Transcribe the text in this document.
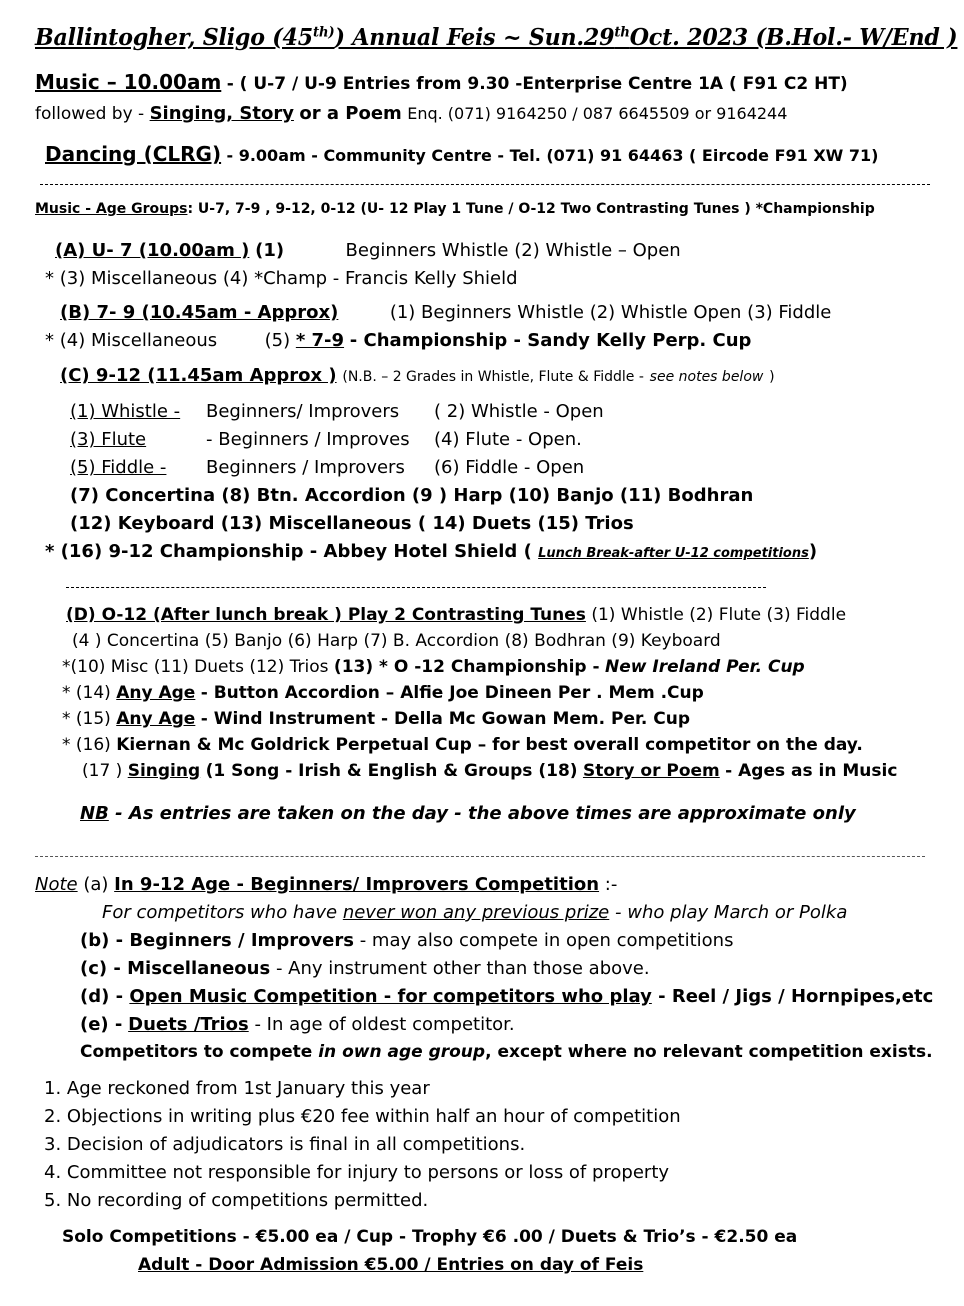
Ballintogher, Sligo $(45^{th)})$ Annual Feis ~ Sun.29thOct. 2023 (B.Hol.- W/End )
Music – 10.00am - ( U-7 / U-9 Entries from 9.30 -Enterprise Centre 1A ( F91 C2 HT)
followed by - Singing, Story or a Poem Enq. (071) 9164250 / 087 6645509 or 9164244
Dancing (CLRG) - 9.00am - Community Centre - Tel. (071) 91 64463 ( Eircode F91 XW 71)
Music - Age Groups: U-7, 7-9 , 9-12, 0-12 (U- 12 Play 1 Tune / O-12 Two Contrasting Tunes ) *Championship
(A) U- 7 (10.00am ) (1)	Beginners Whistle (2) Whistle – Open
* (3) Miscellaneous (4) *Champ - Francis Kelly Shield
(B) 7- 9 (10.45am - Approx)	(1) Beginners Whistle (2) Whistle Open (3) Fiddle
* (4) Miscellaneous	(5) * 7-9 - Championship - Sandy Kelly Perp. Cup
(C) 9-12 (11.45am Approx ) (N.B. – 2 Grades in Whistle, Flute & Fiddle - see notes below )
(1) Whistle - Beginners/ Improvers ( 2) Whistle - Open
(3) Flute	- Beginners / Improves (4) Flute - Open.
(5) Fiddle - Beginners / Improvers (6) Fiddle - Open
(7) Concertina (8) Btn. Accordion (9 ) Harp (10) Banjo (11) Bodhran
(12) Keyboard (13) Miscellaneous ( 14) Duets (15) Trios
* (16) 9-12 Championship - Abbey Hotel Shield ( Lunch Break-after U-12 competitions)
(D) O-12 (After lunch break ) Play 2 Contrasting Tunes (1) Whistle (2) Flute (3) Fiddle
(4 ) Concertina (5) Banjo (6) Harp (7) B. Accordion (8) Bodhran (9) Keyboard
*(10) Misc (11) Duets (12) Trios (13) * O -12 Championship - New Ireland Per. Cup
* (14) Any Age - Button Accordion – Alfie Joe Dineen Per . Mem .Cup
* (15) Any Age - Wind Instrument - Della Mc Gowan Mem. Per. Cup
* (16) Kiernan & Mc Goldrick Perpetual Cup – for best overall competitor on the day.
(17 ) Singing (1 Song - Irish & English & Groups (18) Story or Poem - Ages as in Music
NB - As entries are taken on the day - the above times are approximate only
Note (a) In 9-12 Age - Beginners/ Improvers Competition :-
For competitors who have never won any previous prize - who play March or Polka
(b) - Beginners / Improvers - may also compete in open competitions
(c) - Miscellaneous - Any instrument other than those above.
(d) - Open Music Competition - for competitors who play - Reel / Jigs / Hornpipes,etc
(e) - Duets /Trios - In age of oldest competitor.
Competitors to compete in own age group, except where no relevant competition exists.
1. Age reckoned from 1st January this year
2. Objections in writing plus €20 fee within half an hour of competition
3. Decision of adjudicators is final in all competitions.
4. Committee not responsible for injury to persons or loss of property
5. No recording of competitions permitted.
Solo Competitions - €5.00 ea / Cup - Trophy €6 .00 / Duets & Trio’s - €2.50 ea
Adult - Door Admission €5.00 / Entries on day of Feis
